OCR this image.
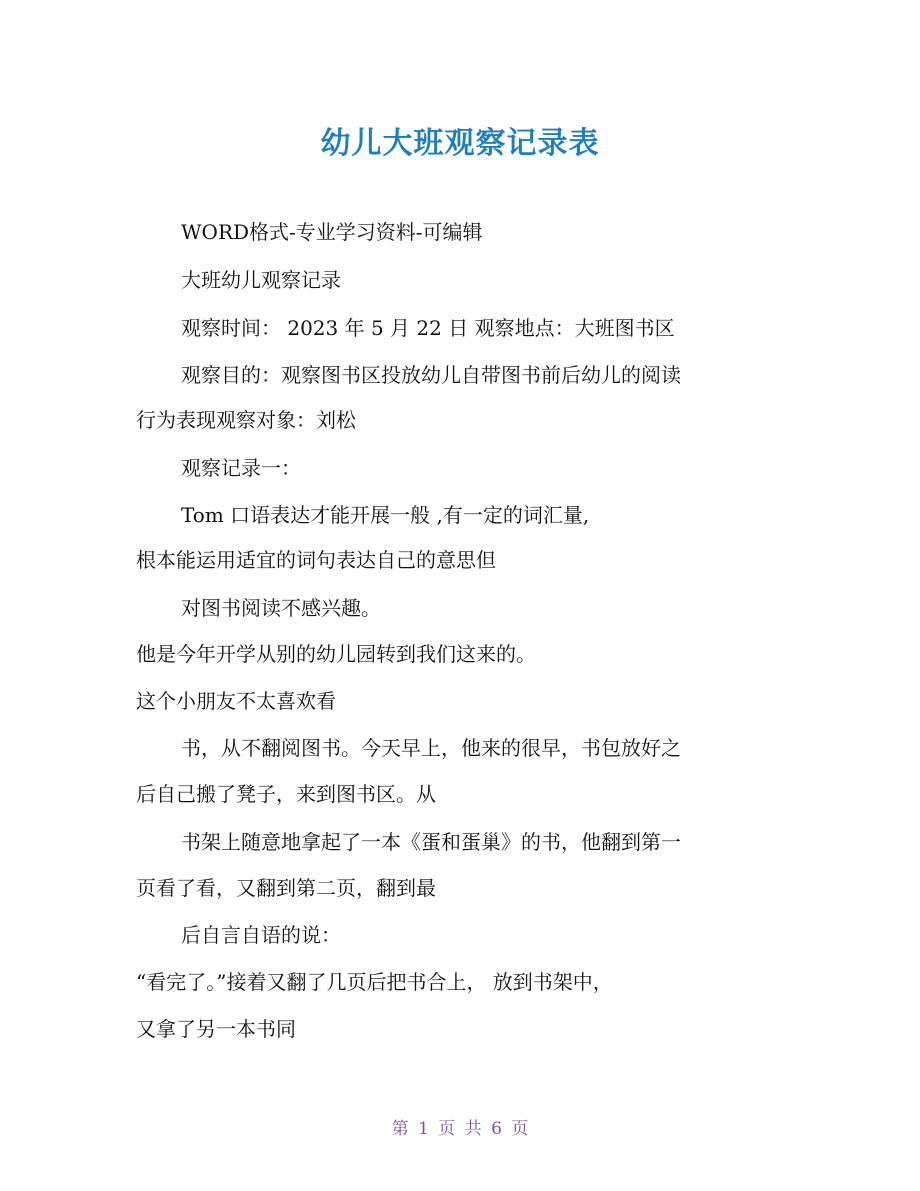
幼儿大班观察记录表
WORD格式-专业学习资料-可编辑
大班幼儿观察记录
观察时间： 2023 年 5 月 22 日 观察地点：大班图书区
观察目的：观察图书区投放幼儿自带图书前后幼儿的阅读
行为表现观察对象：刘松
观察记录一：
Tom 口语表达才能开展一般 ,有一定的词汇量,
根本能运用适宜的词句表达自己的意思但
对图书阅读不感兴趣。
他是今年开学从别的幼儿园转到我们这来的。
这个小朋友不太喜欢看
书，从不翻阅图书。今天早上，他来的很早，书包放好之
后自己搬了凳子，来到图书区。从
书架上随意地拿起了一本《蛋和蛋巢》的书，他翻到第一
页看了看，又翻到第二页，翻到最
后自言自语的说：
“看完了。”接着又翻了几页后把书合上， 放到书架中，
又拿了另一本书同
第 1 页 共 6 页
